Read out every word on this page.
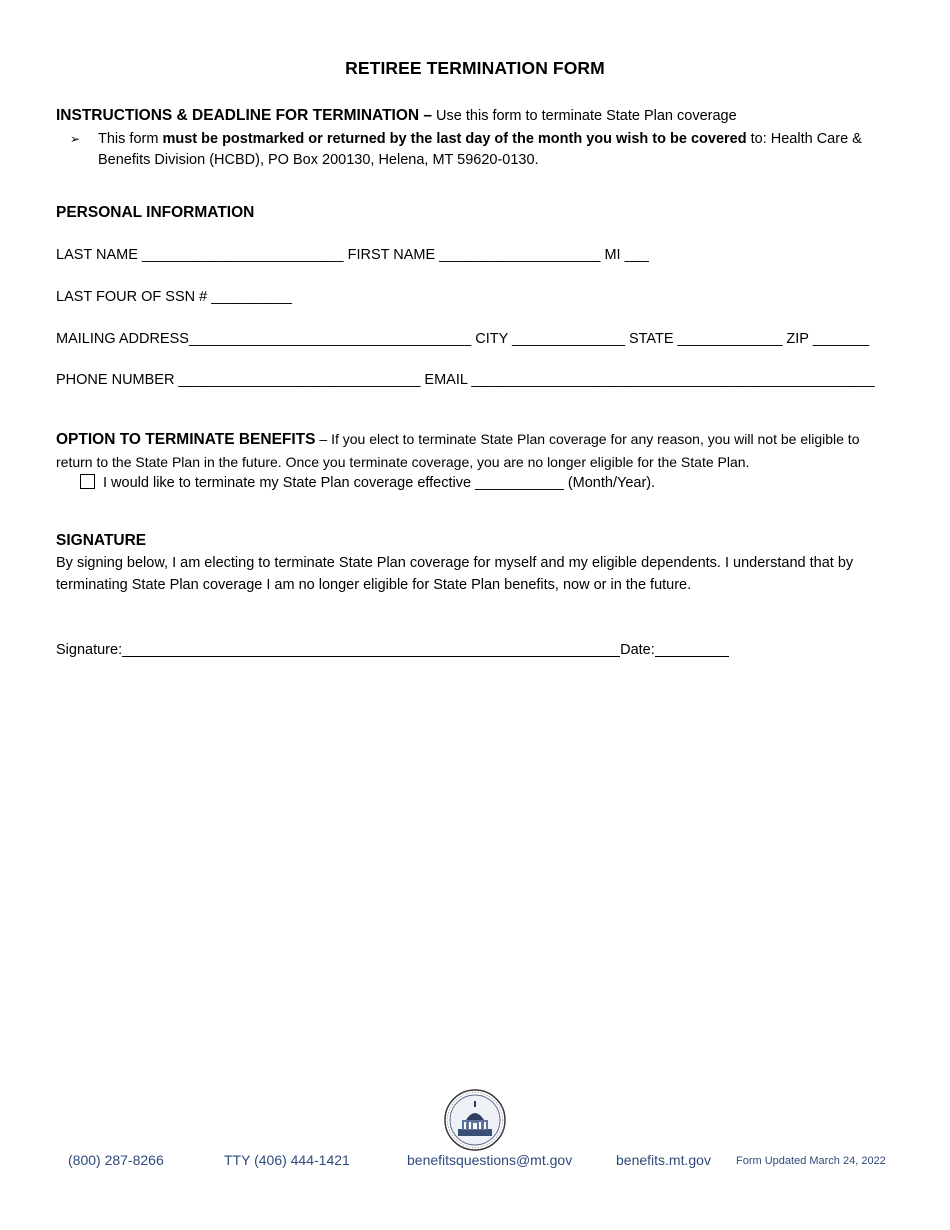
RETIREE TERMINATION FORM
INSTRUCTIONS & DEADLINE FOR TERMINATION – Use this form to terminate State Plan coverage
➢ This form must be postmarked or returned by the last day of the month you wish to be covered to: Health Care & Benefits Division (HCBD), PO Box 200130, Helena, MT 59620-0130.
PERSONAL INFORMATION
LAST NAME _________________________ FIRST NAME ____________________ MI ___
LAST FOUR OF SSN # __________
MAILING ADDRESS___________________________________ CITY ______________ STATE _____________ ZIP _______
PHONE NUMBER ______________________________ EMAIL __________________________________________________
OPTION TO TERMINATE BENEFITS – If you elect to terminate State Plan coverage for any reason, you will not be eligible to return to the State Plan in the future. Once you terminate coverage, you are no longer eligible for the State Plan.
I would like to terminate my State Plan coverage effective ___________ (Month/Year).
SIGNATURE
By signing below, I am electing to terminate State Plan coverage for myself and my eligible dependents. I understand that by terminating State Plan coverage I am no longer eligible for State Plan benefits, now or in the future.
Signature:	Date:
(800) 287-8266	TTY (406) 444-1421	benefitsquestions@mt.gov	benefits.mt.gov Form Updated March 24, 2022
